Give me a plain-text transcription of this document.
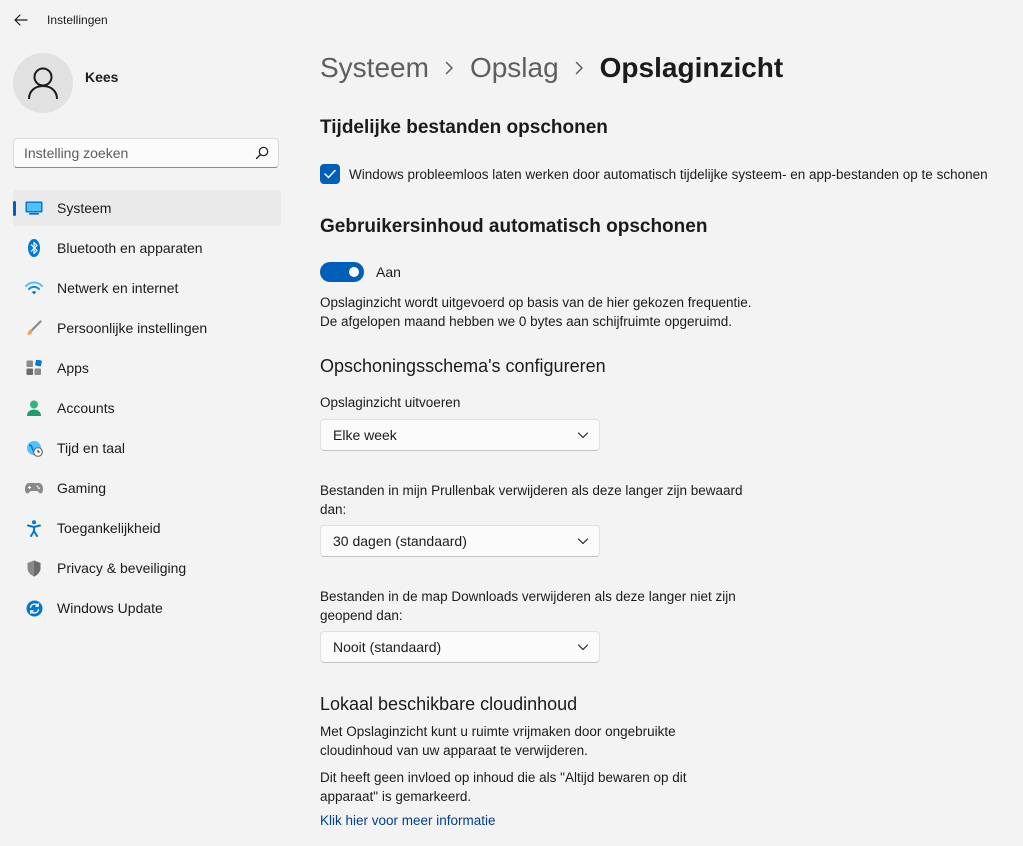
Instellingen
Kees
Instelling zoeken
Systeem
Bluetooth en apparaten
Netwerk en internet
Persoonlijke instellingen
Apps
Accounts
Tijd en taal
Gaming
Toegankelijkheid
Privacy & beveiliging
Windows Update
Systeem Opslag Opslaginzicht
Tijdelijke bestanden opschonen
Windows probleemloos laten werken door automatisch tijdelijke systeem- en app-bestanden op te schonen
Gebruikersinhoud automatisch opschonen
Aan
Opslaginzicht wordt uitgevoerd op basis van de hier gekozen frequentie.
De afgelopen maand hebben we 0 bytes aan schijfruimte opgeruimd.
Opschoningsschema's configureren
Opslaginzicht uitvoeren
Elke week
Bestanden in mijn Prullenbak verwijderen als deze langer zijn bewaard
dan:
30 dagen (standaard)
Bestanden in de map Downloads verwijderen als deze langer niet zijn
geopend dan:
Nooit (standaard)
Lokaal beschikbare cloudinhoud
Met Opslaginzicht kunt u ruimte vrijmaken door ongebruikte
cloudinhoud van uw apparaat te verwijderen.
Dit heeft geen invloed op inhoud die als "Altijd bewaren op dit
apparaat" is gemarkeerd.
Klik hier voor meer informatie
